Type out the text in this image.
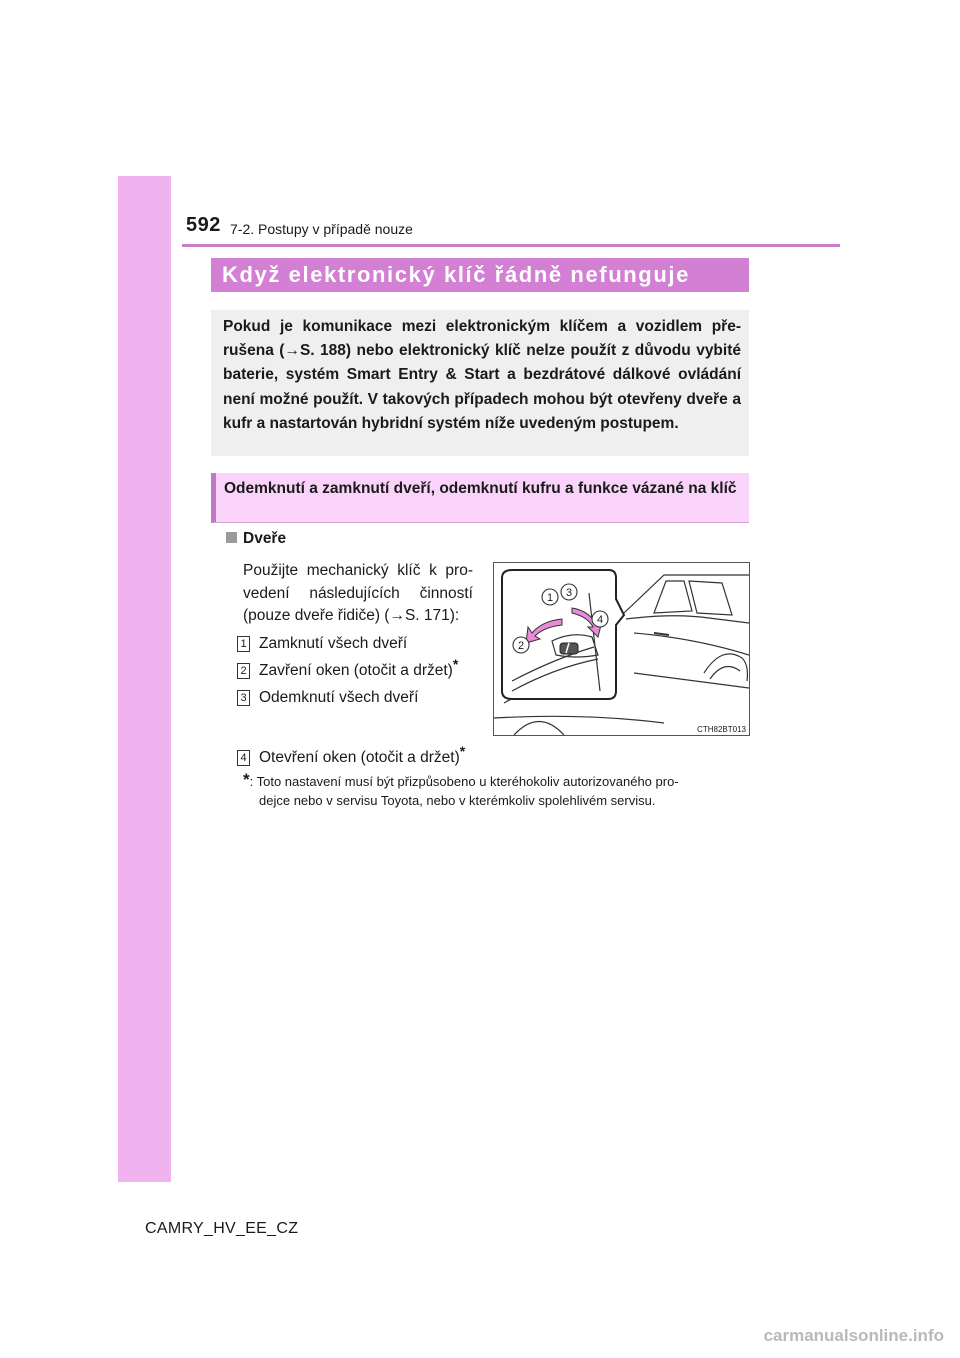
592 7-2. Postupy v případě nouze
Když elektronický klíč řádně nefunguje
Pokud je komunikace mezi elektronickým klíčem a vozidlem přerušena (→S. 188) nebo elektronický klíč nelze použít z důvodu vybité baterie, systém Smart Entry & Start a bezdrátové dálkové ovládání není možné použít. V takových případech mohou být otevřeny dveře a kufr a nastartován hybridní systém níže uvedeným postupem.
Odemknutí a zamknutí dveří, odemknutí kufru a funkce vázané na klíč
Dveře
Použijte mechanický klíč k provedení následujících činností (pouze dveře řidiče) (→S. 171):
1 Zamknutí všech dveří
2 Zavření oken (otočit a držet)*
3 Odemknutí všech dveří
4 Otevření oken (otočit a držet)*
*: Toto nastavení musí být přizpůsobeno u kteréhokoliv autorizovaného pro-
dejce nebo v servisu Toyota, nebo v kterémkoliv spolehlivém servisu.
1
2
3
4
CTH82BT013
CAMRY_HV_EE_CZ
carmanualsonline.info
